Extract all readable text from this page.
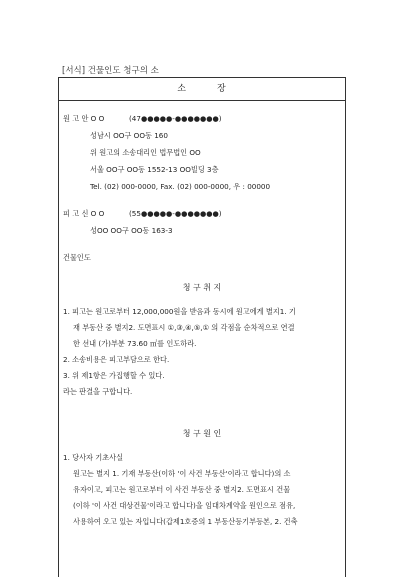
[서식] 건물인도 청구의 소
소　　　장
원 고 안 O O	(47●●●●●-●●●●●●●)
성남시 OO구 OO동 160
위 원고의 소송대리인 법무법인 OO
서울 OO구 OO동 1552-13 OO빌딩 3층
Tel. (02) 000-0000, Fax. (02) 000-0000, 우 : 00000
피 고 신 O O	(55●●●●●-●●●●●●●)
성OO OO구 OO동 163-3
건물인도
청 구 취 지
1. 피고는 원고로부터 12,000,000원을 받음과 동시에 원고에게 별지1. 기
재 부동산 중 별지2. 도면표시 ①,③,④,⑤,① 의 각점을 순차적으로 연결
한 선내 (가)부분 73.60 ㎡를 인도하라.
2. 소송비용은 피고부담으로 한다.
3. 위 제1항은 가집행할 수 있다.
라는 판결을 구합니다.
청 구 원 인
1. 당사자 기초사실
원고는 별지 1. 기재 부동산(이하 '이 사건 부동산'이라고 합니다)의 소
유자이고, 피고는 원고로부터 이 사건 부동산 중 별지2. 도면표시 건물
(이하 '이 사건 대상건물'이라고 합니다)을 임대차계약을 원인으로 점유,
사용하여 오고 있는 자입니다(갑제1호증의 1 부동산등기부등본, 2. 건축
